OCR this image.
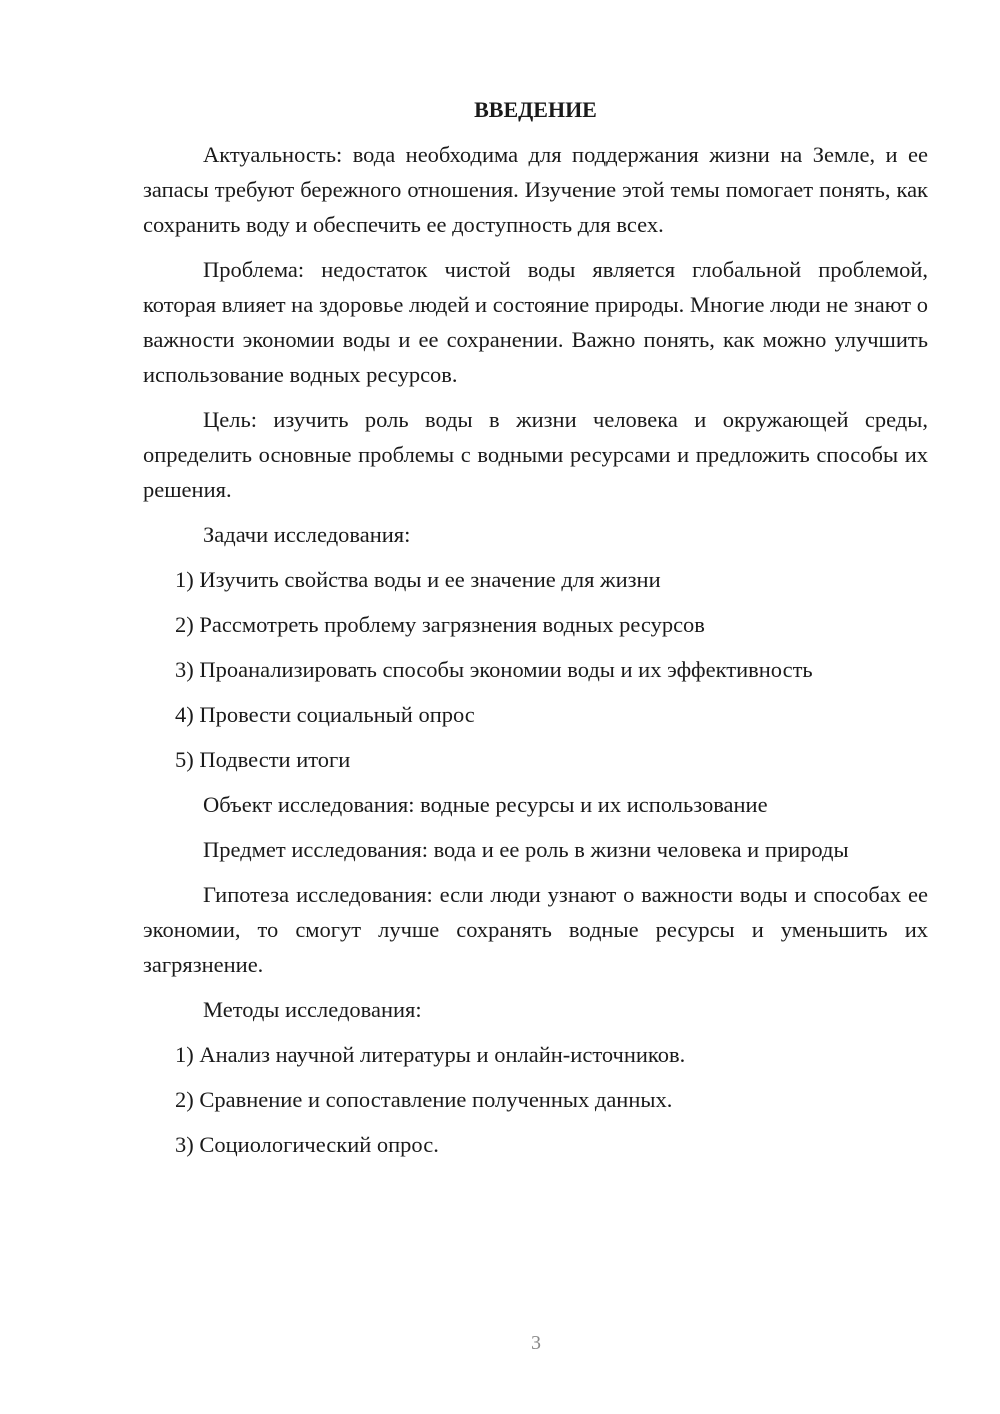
ВВЕДЕНИЕ

Актуальность: вода необходима для поддержания жизни на Земле, и ее запасы требуют бережного отношения. Изучение этой темы помогает понять, как сохранить воду и обеспечить ее доступность для всех.

Проблема: недостаток чистой воды является глобальной проблемой, которая влияет на здоровье людей и состояние природы. Многие люди не знают о важности экономии воды и ее сохранении. Важно понять, как можно улучшить использование водных ресурсов.

Цель: изучить роль воды в жизни человека и окружающей среды, определить основные проблемы с водными ресурсами и предложить способы их решения.

Задачи исследования:
1) Изучить свойства воды и ее значение для жизни
2) Рассмотреть проблему загрязнения водных ресурсов
3) Проанализировать способы экономии воды и их эффективность
4) Провести социальный опрос
5) Подвести итоги
Объект исследования: водные ресурсы и их использование
Предмет исследования: вода и ее роль в жизни человека и природы

Гипотеза исследования: если люди узнают о важности воды и способах ее экономии, то смогут лучше сохранять водные ресурсы и уменьшить их загрязнение.

Методы исследования:
1) Анализ научной литературы и онлайн-источников.
2) Сравнение и сопоставление полученных данных.
3) Социологический опрос.
3
